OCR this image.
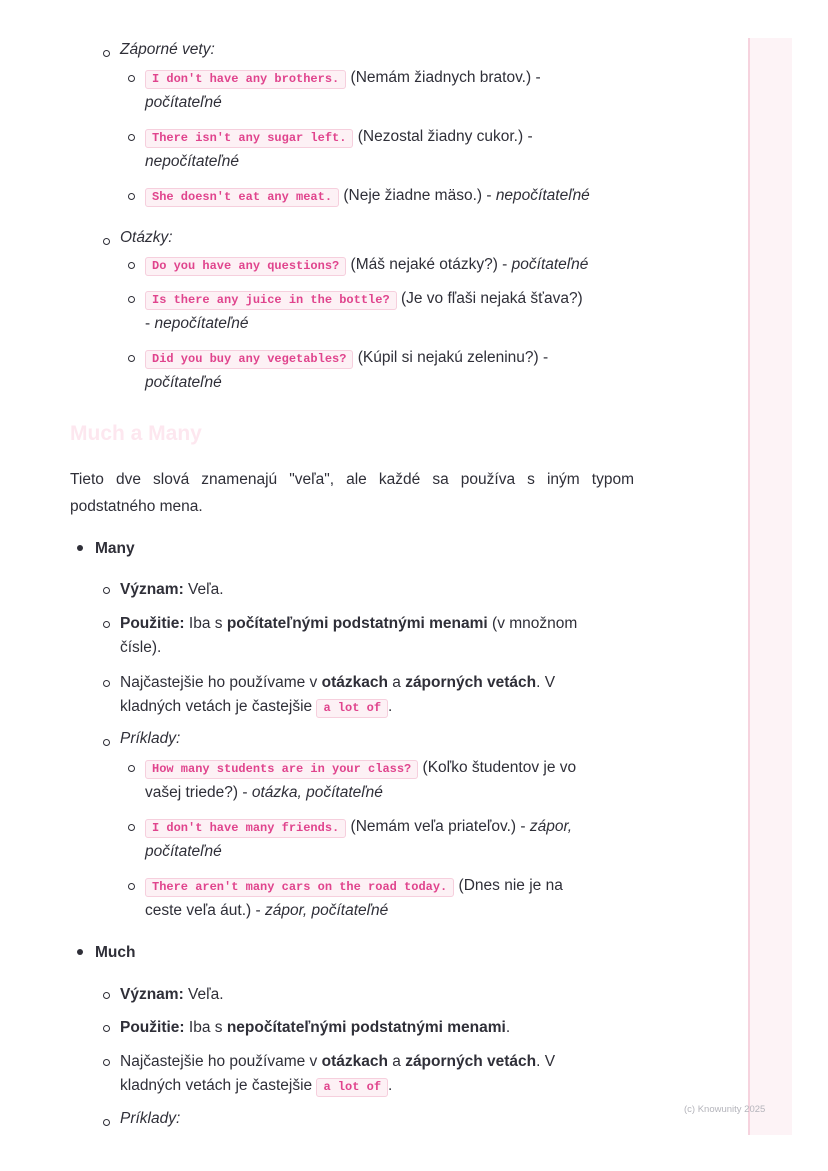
(c) Knowunity 2025
Záporné vety:
I don't have any brothers. (Nemám žiadnych bratov.) -
počítateľné
There isn't any sugar left. (Nezostal žiadny cukor.) -
nepočítateľné
She doesn't eat any meat. (Neje žiadne mäso.) - nepočítateľné
Otázky:
Do you have any questions? (Máš nejaké otázky?) - počítateľné
Is there any juice in the bottle? (Je vo fľaši nejaká šťava?)
- nepočítateľné
Did you buy any vegetables? (Kúpil si nejakú zeleninu?) -
počítateľné
Much a Many
Tieto dve slová znamenajú "veľa", ale každé sa používa s iným typom podstatného mena.
Many
Význam: Veľa.
Použitie: Iba s počítateľnými podstatnými menami (v množnom
čísle).
Najčastejšie ho používame v otázkach a záporných vetách. V
kladných vetách je častejšie a lot of .
Príklady:
How many students are in your class? (Koľko študentov je vo
vašej triede?) - otázka, počítateľné
I don't have many friends. (Nemám veľa priateľov.) - zápor,
počítateľné
There aren't many cars on the road today. (Dnes nie je na
ceste veľa áut.) - zápor, počítateľné
Much
Význam: Veľa.
Použitie: Iba s nepočítateľnými podstatnými menami.
Najčastejšie ho používame v otázkach a záporných vetách. V
kladných vetách je častejšie a lot of .
Príklady:
